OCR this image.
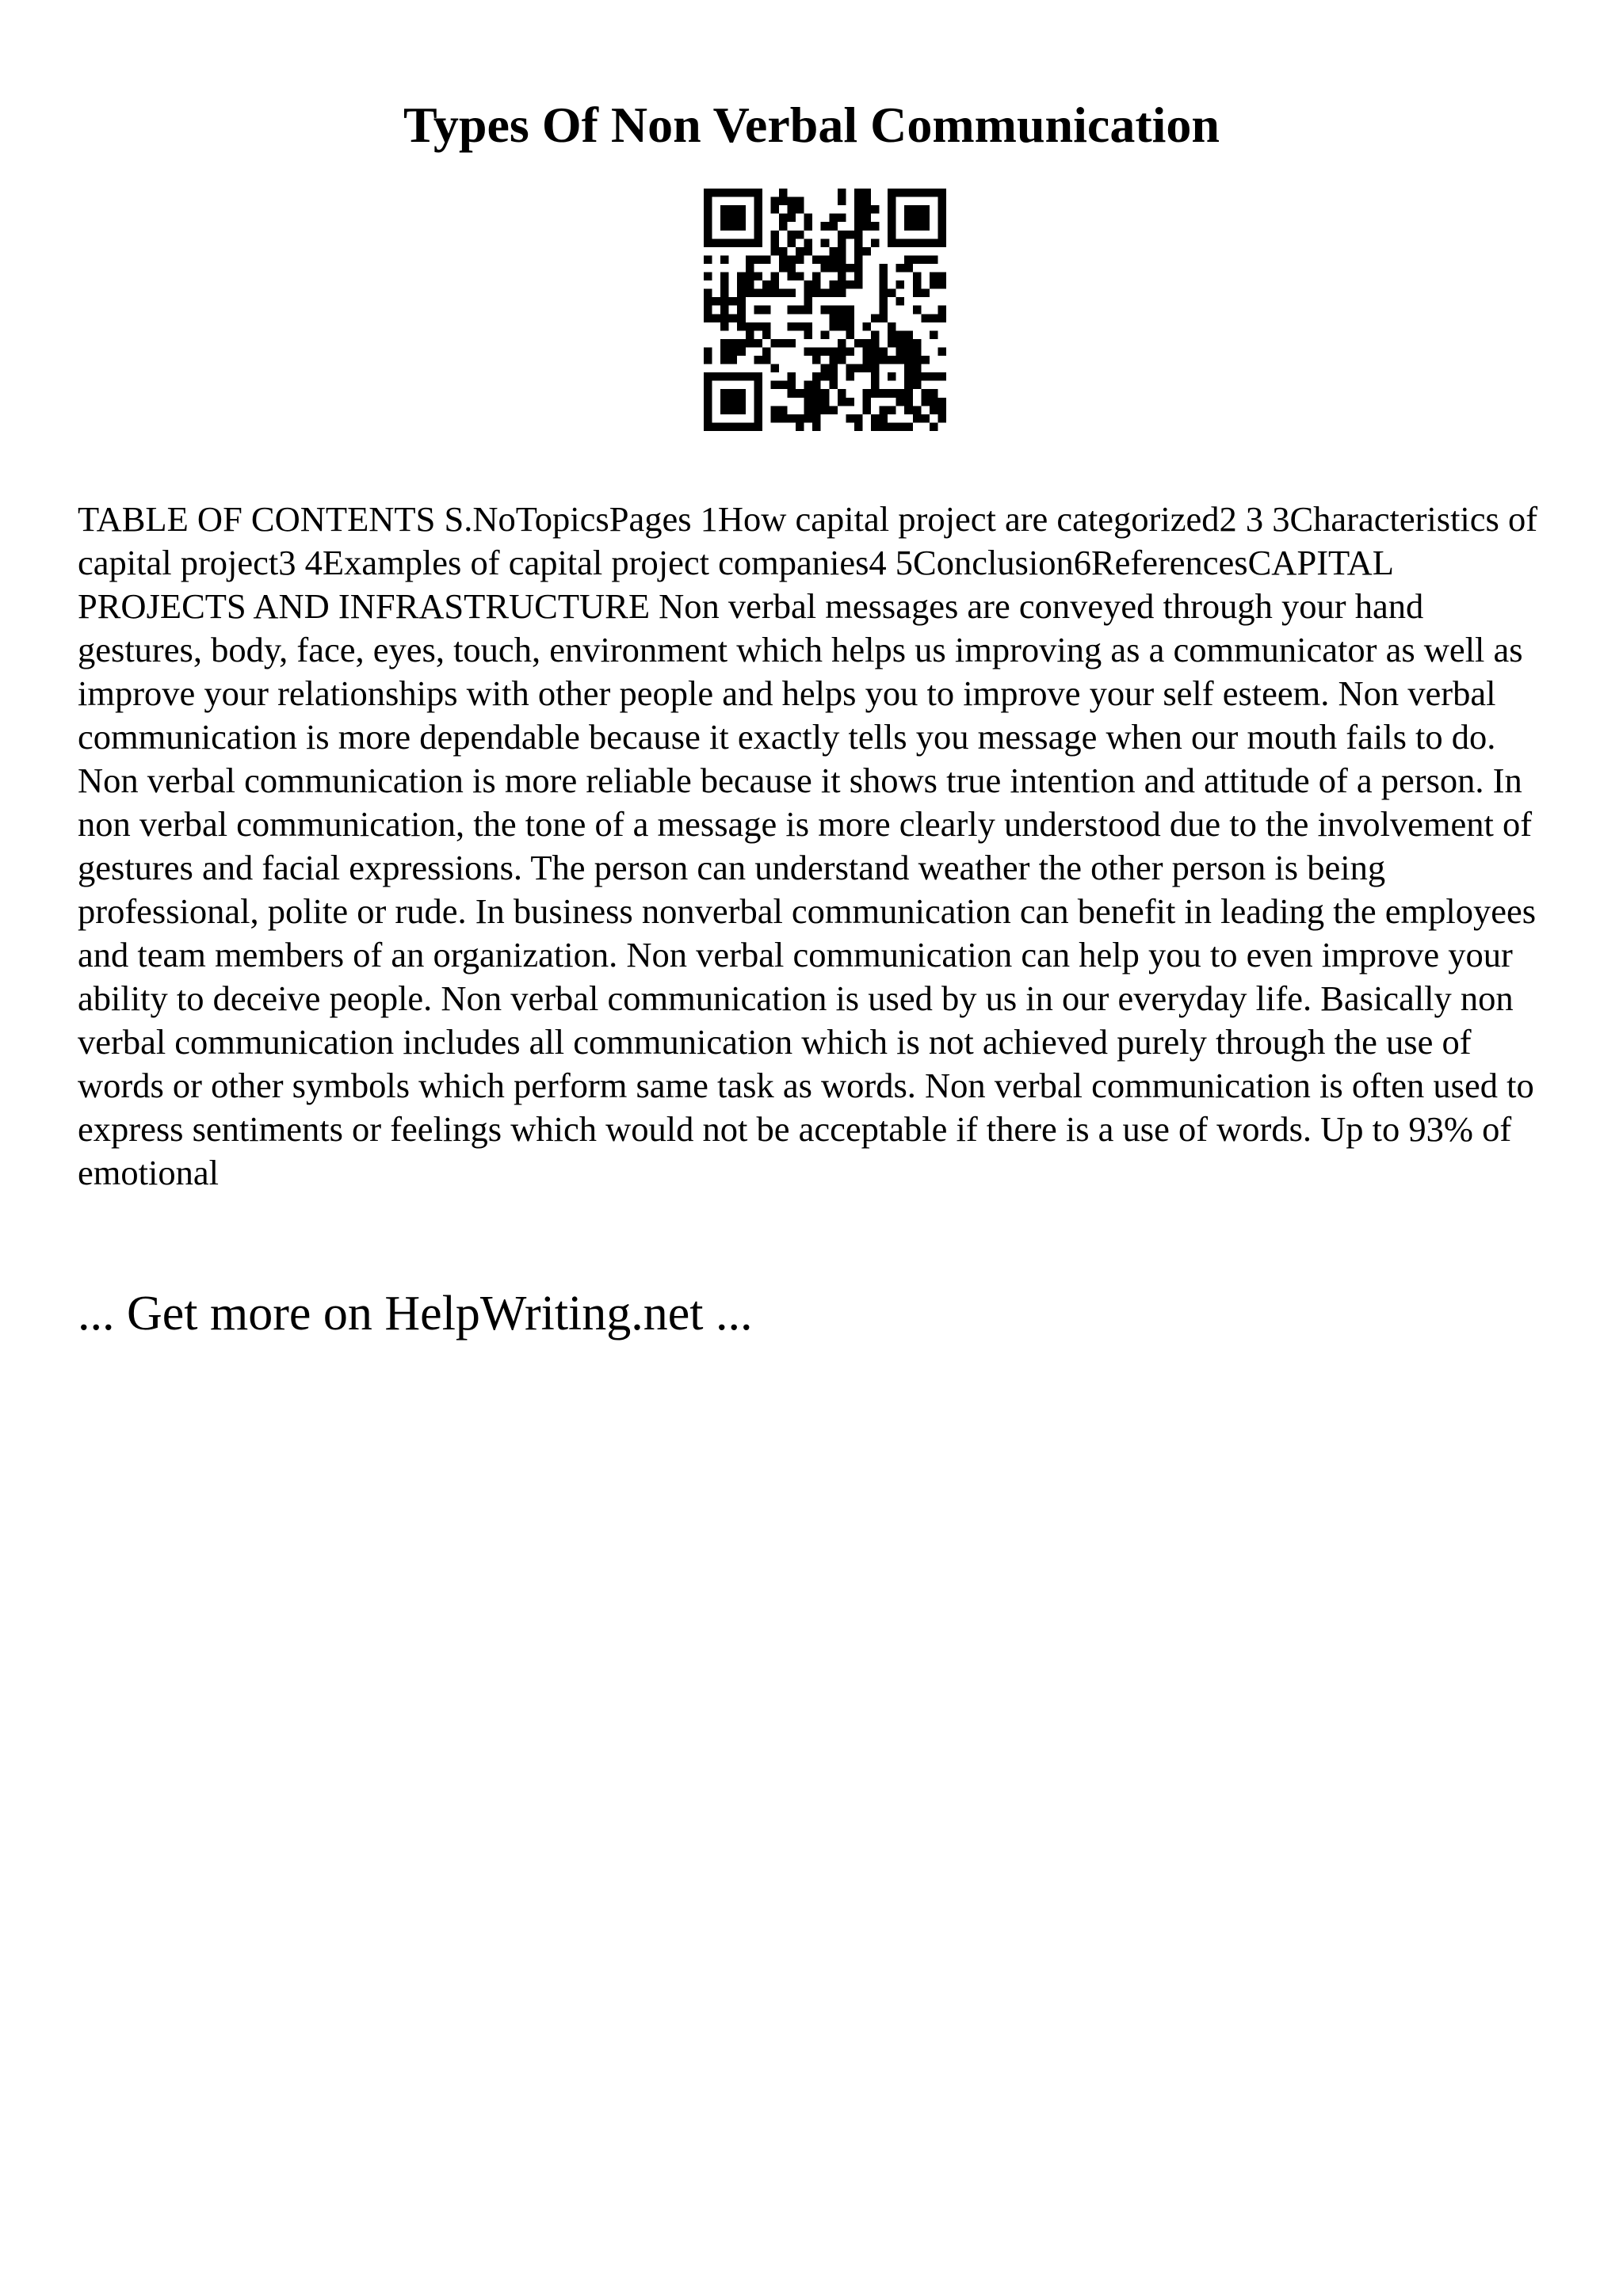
Types Of Non Verbal Communication

TABLE OF CONTENTS S.NoTopicsPages 1How capital project are categorized2 3 3Characteristics of capital project3 4Examples of capital project companies4 5Conclusion6ReferencesCAPITAL PROJECTS AND INFRASTRUCTURE Non verbal messages are conveyed through your hand gestures, body, face, eyes, touch, environment which helps us improving as a communicator as well as improve your relationships with other people and helps you to improve your self esteem. Non verbal communication is more dependable because it exactly tells you message when our mouth fails to do. Non verbal communication is more reliable because it shows true intention and attitude of a person. In non verbal communication, the tone of a message is more clearly understood due to the involvement of gestures and facial expressions. The person can understand weather the other person is being professional, polite or rude. In business nonverbal communication can benefit in leading the employees and team members of an organization. Non verbal communication can help you to even improve your ability to deceive people. Non verbal communication is used by us in our everyday life. Basically non verbal communication includes all communication which is not achieved purely through the use of words or other symbols which perform same task as words. Non verbal communication is often used to express sentiments or feelings which would not be acceptable if there is a use of words. Up to 93% of emotional

... Get more on HelpWriting.net ...
